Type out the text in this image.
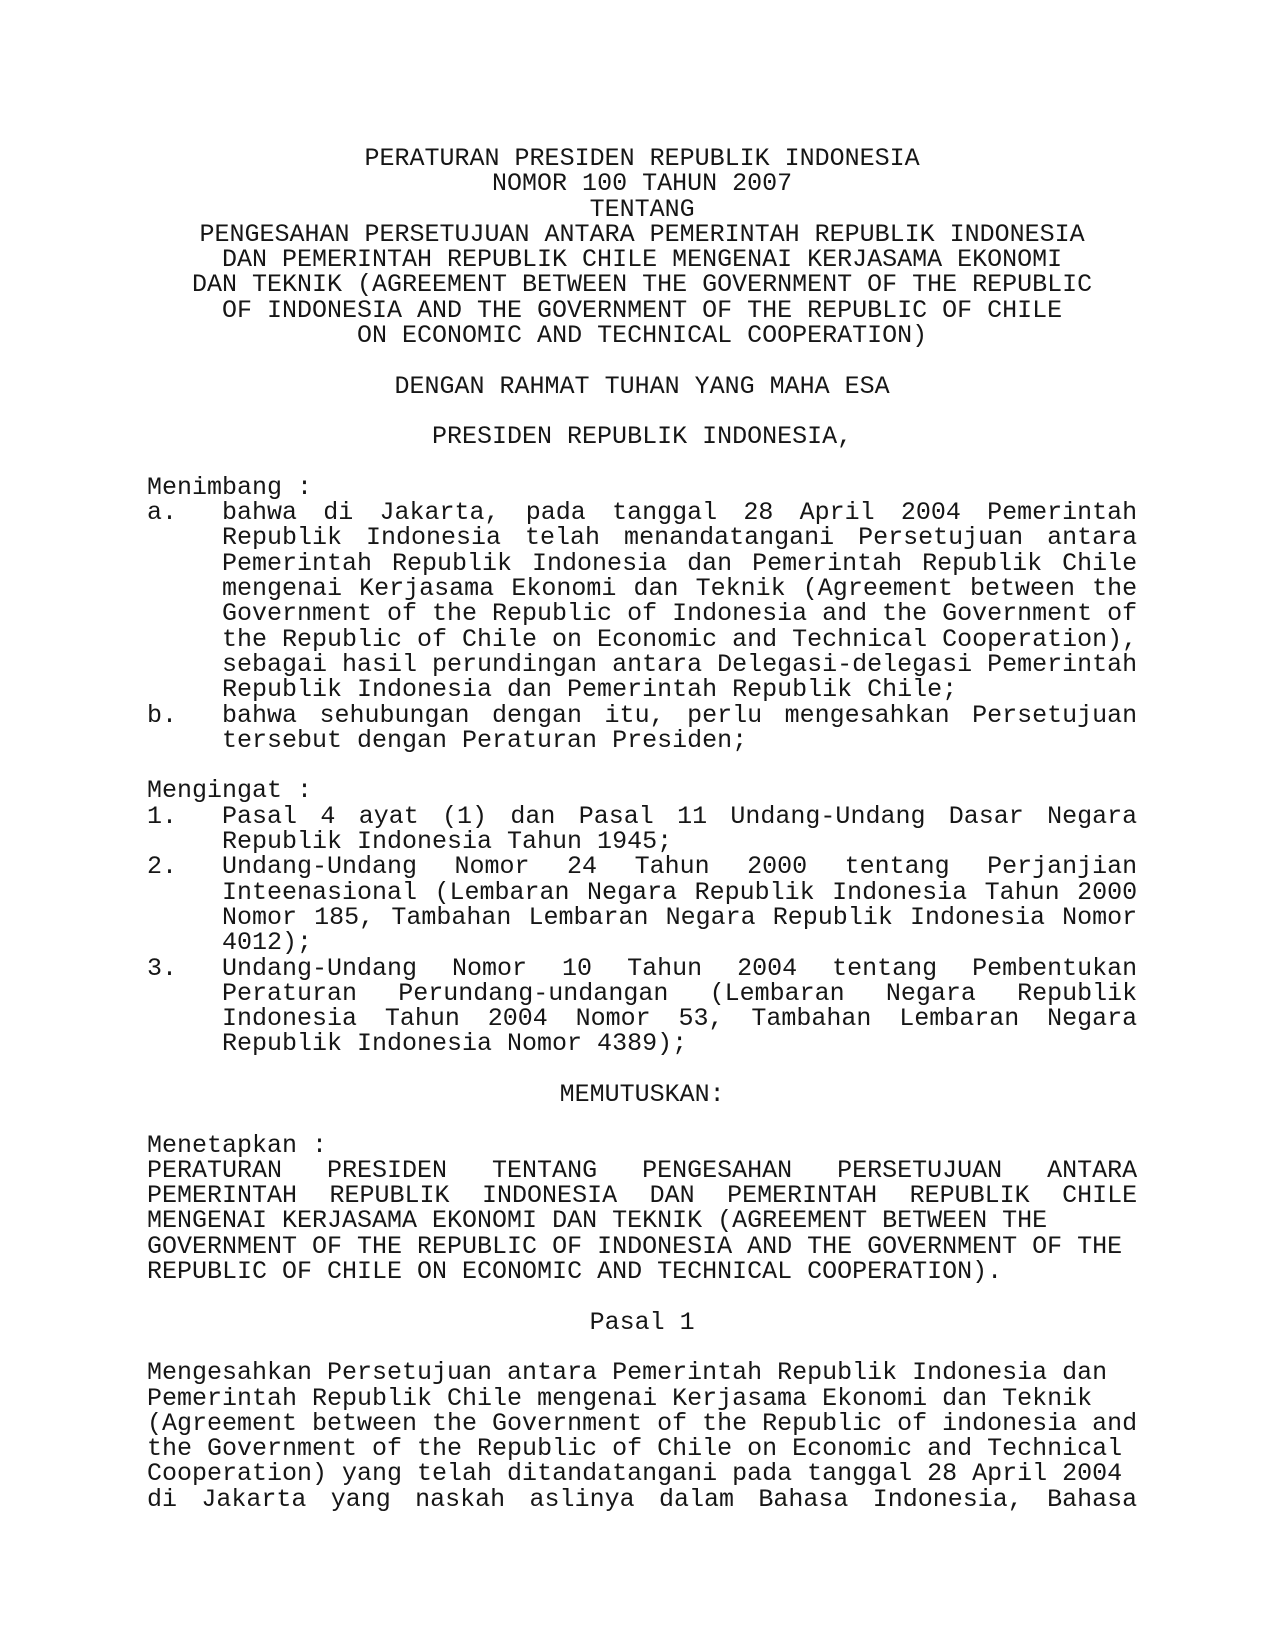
PERATURAN PRESIDEN REPUBLIK INDONESIA
NOMOR 100 TAHUN 2007
TENTANG
PENGESAHAN PERSETUJUAN ANTARA PEMERINTAH REPUBLIK INDONESIA
DAN PEMERINTAH REPUBLIK CHILE MENGENAI KERJASAMA EKONOMI
DAN TEKNIK (AGREEMENT BETWEEN THE GOVERNMENT OF THE REPUBLIC
OF INDONESIA AND THE GOVERNMENT OF THE REPUBLIC OF CHILE
ON ECONOMIC AND TECHNICAL COOPERATION)
DENGAN RAHMAT TUHAN YANG MAHA ESA
PRESIDEN REPUBLIK INDONESIA,
Menimbang :
a. bahwa di Jakarta, pada tanggal 28 April 2004 Pemerintah
Republik Indonesia telah menandatangani Persetujuan antara
Pemerintah Republik Indonesia dan Pemerintah Republik Chile
mengenai Kerjasama Ekonomi dan Teknik (Agreement between the
Government of the Republic of Indonesia and the Government of
the Republic of Chile on Economic and Technical Cooperation),
sebagai hasil perundingan antara Delegasi-delegasi Pemerintah
Republik Indonesia dan Pemerintah Republik Chile;
b. bahwa sehubungan dengan itu, perlu mengesahkan Persetujuan
tersebut dengan Peraturan Presiden;
Mengingat :
1. Pasal 4 ayat (1) dan Pasal 11 Undang-Undang Dasar Negara
Republik Indonesia Tahun 1945;
2. Undang-Undang Nomor 24 Tahun 2000 tentang Perjanjian
Inteenasional (Lembaran Negara Republik Indonesia Tahun 2000
Nomor 185, Tambahan Lembaran Negara Republik Indonesia Nomor
4012);
3. Undang-Undang Nomor 10 Tahun 2004 tentang Pembentukan
Peraturan Perundang-undangan (Lembaran Negara Republik
Indonesia Tahun 2004 Nomor 53, Tambahan Lembaran Negara
Republik Indonesia Nomor 4389);
MEMUTUSKAN:
Menetapkan :
PERATURAN PRESIDEN TENTANG PENGESAHAN PERSETUJUAN ANTARA
PEMERINTAH REPUBLIK INDONESIA DAN PEMERINTAH REPUBLIK CHILE
MENGENAI KERJASAMA EKONOMI DAN TEKNIK (AGREEMENT BETWEEN THE
GOVERNMENT OF THE REPUBLIC OF INDONESIA AND THE GOVERNMENT OF THE
REPUBLIC OF CHILE ON ECONOMIC AND TECHNICAL COOPERATION).
Pasal 1
Mengesahkan Persetujuan antara Pemerintah Republik Indonesia dan
Pemerintah Republik Chile mengenai Kerjasama Ekonomi dan Teknik
(Agreement between the Government of the Republic of indonesia and
the Government of the Republic of Chile on Economic and Technical
Cooperation) yang telah ditandatangani pada tanggal 28 April 2004
di Jakarta yang naskah aslinya dalam Bahasa Indonesia, Bahasa
